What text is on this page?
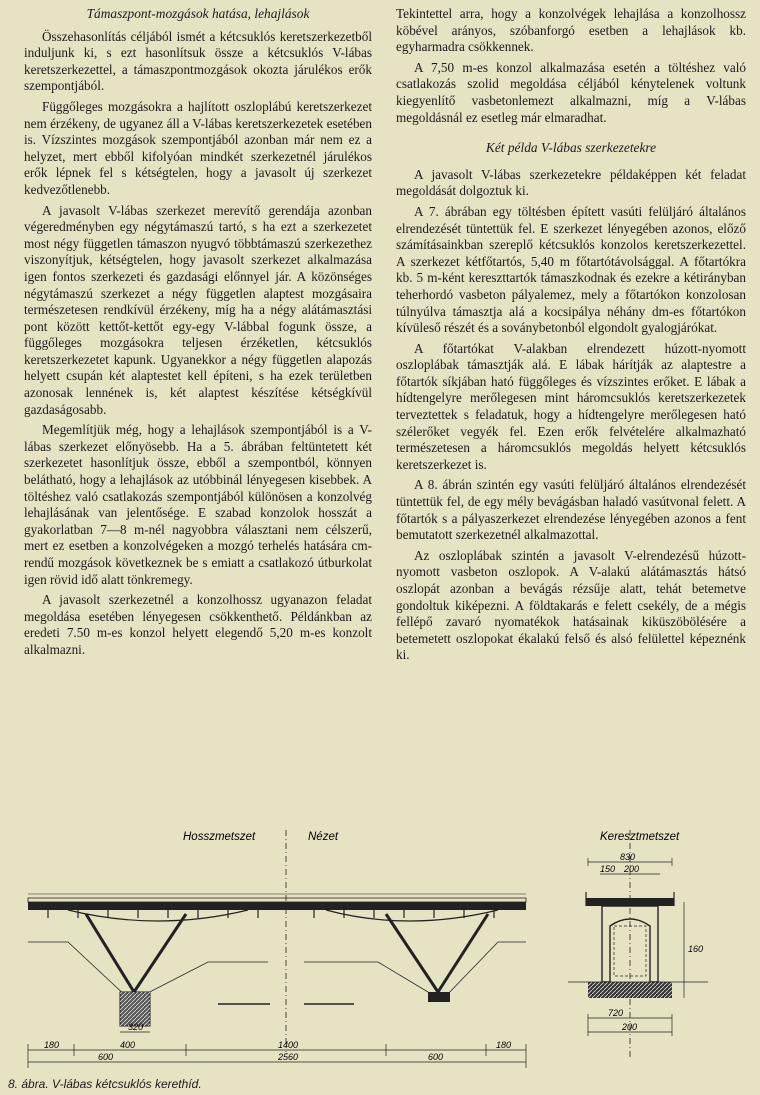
Támaszpont-mozgások hatása, lehajlások

Összehasonlítás céljából ismét a kétcsuklós keretszerkezetből induljunk ki, s ezt hasonlítsuk össze a kétcsuklós V-lábas keretszerkezettel, a támaszpontmozgások okozta járulékos erők szempontjából.

Függőleges mozgásokra a hajlított oszloplábú keretszerkezet nem érzékeny, de ugyanez áll a V-lábas keretszerkezetek esetében is. Vízszintes mozgások szempontjából azonban már nem ez a helyzet, mert ebből kifolyóan mindkét szerkezetnél járulékos erők lépnek fel s kétségtelen, hogy a javasolt új szerkezet kedvezőtlenebb.

A javasolt V-lábas szerkezet merevítő gerendája azonban végeredményben egy négytámaszú tartó, s ha ezt a szerkezetet most négy független támaszon nyugvó többtámaszú szerkezethez viszonyítjuk, kétségtelen, hogy javasolt szerkezet alkalmazása igen fontos szerkezeti és gazdasági előnnyel jár. A közönséges négytámaszú szerkezet a négy független alaptest mozgásaira természetesen rendkívül érzékeny, míg ha a négy alátámasztási pont között kettőt-kettőt egy-egy V-lábbal fogunk össze, a függőleges mozgásokra teljesen érzéketlen, kétcsuklós keretszerkezetet kapunk. Ugyanekkor a négy független alapozás helyett csupán két alaptestet kell építeni, s ha ezek területben azonosak lennének is, két alaptest készítése kétségkívül gazdaságosabb.

Megemlítjük még, hogy a lehajlások szempontjából is a V-lábas szerkezet előnyösebb. Ha a 5. ábrában feltüntetett két szerkezetet hasonlítjuk össze, ebből a szempontból, könnyen belátható, hogy a lehajlások az utóbbinál lényegesen kisebbek. A töltéshez való csatlakozás szempontjából különösen a konzolvég lehajlásának van jelentősége. E szabad konzolok hosszát a gyakorlatban 7—8 m-nél nagyobbra választani nem célszerű, mert ez esetben a konzolvégeken a mozgó terhelés hatására cm-rendű mozgások következnek be s emiatt a csatlakozó útburkolat igen rövid idő alatt tönkremegy.

A javasolt szerkezetnél a konzolhossz ugyanazon feladat megoldása esetében lényegesen csökkenthető. Példánkban az eredeti 7.50 m-es konzol helyett elegendő 5,20 m-es konzolt alkalmazni.

Tekintettel arra, hogy a konzolvégek lehajlása a konzolhossz köbével arányos, szóbanforgó esetben a lehajlások kb. egyharmadra csökkennek.

A 7,50 m-es konzol alkalmazása esetén a töltéshez való csatlakozás szolid megoldása céljából kénytelenek voltunk kiegyenlítő vasbetonlemezt alkalmazni, míg a V-lábas megoldásnál ez esetleg már elmaradhat.

Két példa V-lábas szerkezetekre

A javasolt V-lábas szerkezetekre példaképpen két feladat megoldását dolgoztuk ki.

A 7. ábrában egy töltésben épített vasúti felüljáró általános elrendezését tüntettük fel. E szerkezet lényegében azonos, előző számításainkban szereplő kétcsuklós konzolos keretszerkezettel. A szerkezet kétfőtartós, 5,40 m főtartótávolsággal. A főtartókra kb. 5 m-ként kereszttartók támaszkodnak és ezekre a kétirányban teherhordó vasbeton pályalemez, mely a főtartókon konzolosan túlnyúlva támasztja alá a kocsipálya néhány dm-es főtartókon kívüleső részét és a soványbetonból elgondolt gyalogjárókat.

A főtartókat V-alakban elrendezett húzott-nyomott oszloplábak támasztják alá. E lábak hárítják az alaptestre a főtartók síkjában ható függőleges és vízszintes erőket. E lábak a hídtengelyre merőlegesen mint háromcsuklós keretszerkezetek terveztettek s feladatuk, hogy a hídtengelyre merőlegesen ható szélerőket vegyék fel. Ezen erők felvételére alkalmazható természetesen a háromcsuklós megoldás helyett kétcsuklós keretszerkezet is.

A 8. ábrán szintén egy vasúti felüljáró általános elrendezését tüntettük fel, de egy mély bevágásban haladó vasútvonal felett. A főtartók s a pályaszerkezet elrendezése lényegében azonos a fent bemutatott szerkezetnél alkalmazottal.

Az oszloplábak szintén a javasolt V-elrendezésű húzott-nyomott vasbeton oszlopok. A V-alakú alátámasztás hátsó oszlopát azonban a bevágás rézsűje alatt, tehát betemetve gondoltuk kiképezni. A földtakarás e felett csekély, de a mégis fellépő zavaró nyomatékok hatásainak kiküszöbölésére a betemetett oszlopokat ékalakú felső és alsó felülettel képeznénk ki.

Hosszmetszet	Nézet
320
180	400	1400
600	2560
180
600
Keresztmetszet
830
200
150
720
200
160
8. ábra. V-lábas kétcsuklós kerethíd.
